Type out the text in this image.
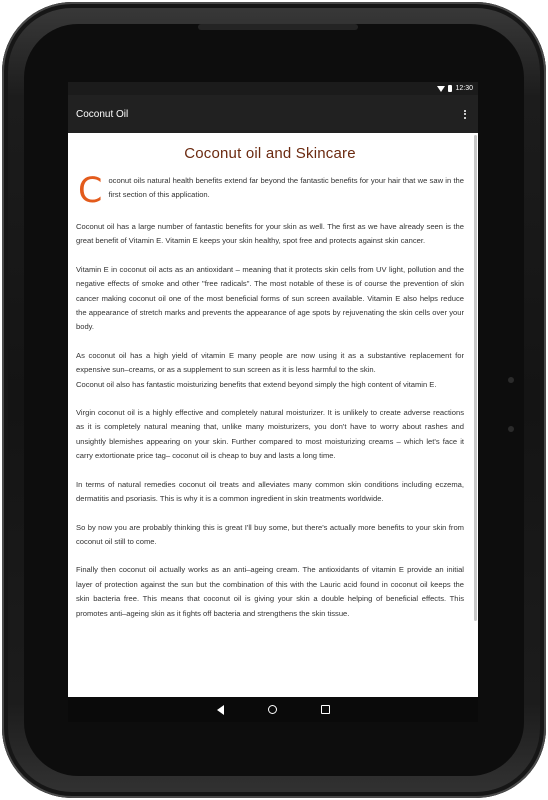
12:30
Coconut Oil
Coconut oil and Skincare
C oconut oils natural health benefits extend far beyond the fantastic benefits for your hair that we saw in the first section of this application.

Coconut oil has a large number of fantastic benefits for your skin as well. The first as we have already seen is the great benefit of Vitamin E. Vitamin E keeps your skin healthy, spot free and protects against skin cancer.

Vitamin E in coconut oil acts as an antioxidant – meaning that it protects skin cells from UV light, pollution and the negative effects of smoke and other "free radicals". The most notable of these is of course the prevention of skin cancer making coconut oil one of the most beneficial forms of sun screen available. Vitamin E also helps reduce the appearance of stretch marks and prevents the appearance of age spots by rejuvenating the skin cells over your body.

As coconut oil has a high yield of vitamin E many people are now using it as a substantive replacement for expensive sun–creams, or as a supplement to sun screen as it is less harmful to the skin.

Coconut oil also has fantastic moisturizing benefits that extend beyond simply the high content of vitamin E.

Virgin coconut oil is a highly effective and completely natural moisturizer. It is unlikely to create adverse reactions as it is completely natural meaning that, unlike many moisturizers, you don't have to worry about rashes and unsightly blemishes appearing on your skin. Further compared to most moisturizing creams – which let's face it carry extortionate price tag– coconut oil is cheap to buy and lasts a long time.

In terms of natural remedies coconut oil treats and alleviates many common skin conditions including eczema, dermatitis and psoriasis. This is why it is a common ingredient in skin treatments worldwide.

So by now you are probably thinking this is great I'll buy some, but there's actually more benefits to your skin from coconut oil still to come.

Finally then coconut oil actually works as an anti–ageing cream. The antioxidants of vitamin E provide an initial layer of protection against the sun but the combination of this with the Lauric acid found in coconut oil keeps the skin bacteria free. This means that coconut oil is giving your skin a double helping of beneficial effects. This promotes anti–ageing skin as it fights off bacteria and strengthens the skin tissue.
